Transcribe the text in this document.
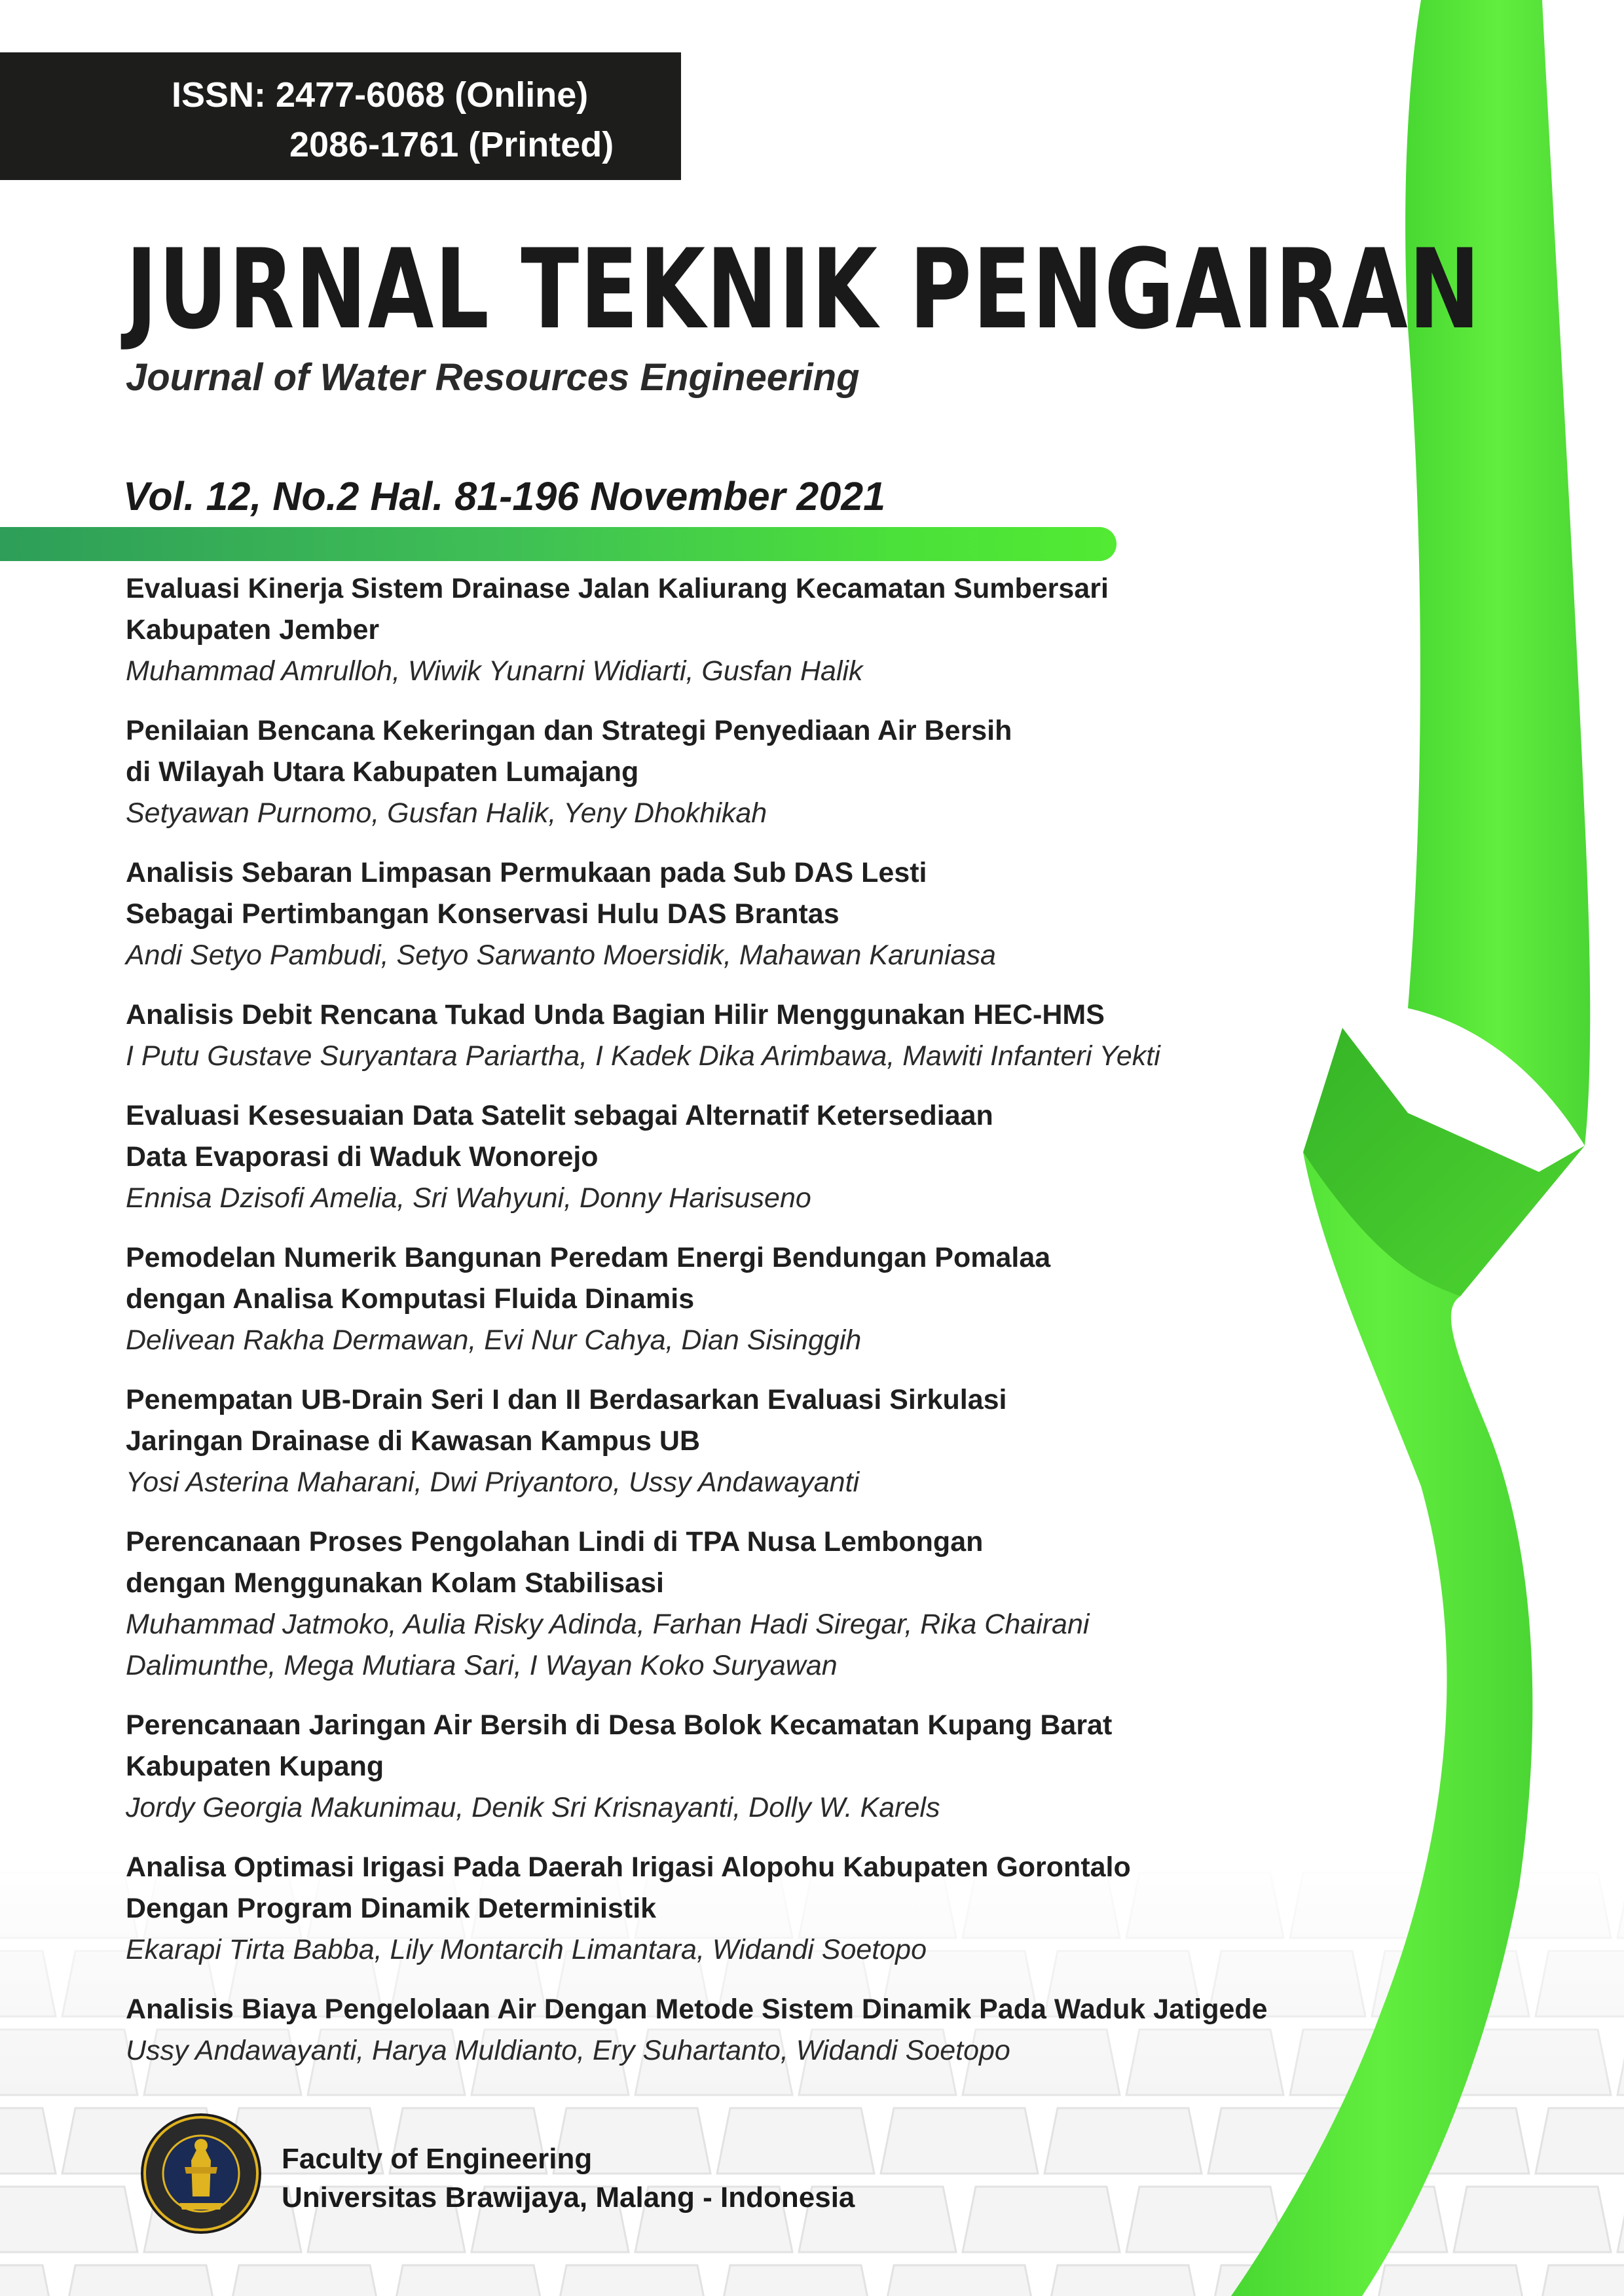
ISSN: 2477-6068 (Online)
2086-1761 (Printed)
JURNAL TEKNIK PENGAIRAN
Journal of Water Resources Engineering
Vol. 12, No.2 Hal. 81-196 November 2021
Evaluasi Kinerja Sistem Drainase Jalan Kaliurang Kecamatan Sumbersari
Kabupaten Jember
Muhammad Amrulloh, Wiwik Yunarni Widiarti, Gusfan Halik
Penilaian Bencana Kekeringan dan Strategi Penyediaan Air Bersih
di Wilayah Utara Kabupaten Lumajang
Setyawan Purnomo, Gusfan Halik, Yeny Dhokhikah
Analisis Sebaran Limpasan Permukaan pada Sub DAS Lesti
Sebagai Pertimbangan Konservasi Hulu DAS Brantas
Andi Setyo Pambudi, Setyo Sarwanto Moersidik, Mahawan Karuniasa
Analisis Debit Rencana Tukad Unda Bagian Hilir Menggunakan HEC-HMS
I Putu Gustave Suryantara Pariartha, I Kadek Dika Arimbawa, Mawiti Infanteri Yekti
Evaluasi Kesesuaian Data Satelit sebagai Alternatif Ketersediaan
Data Evaporasi di Waduk Wonorejo
Ennisa Dzisofi Amelia, Sri Wahyuni, Donny Harisuseno
Pemodelan Numerik Bangunan Peredam Energi Bendungan Pomalaa
dengan Analisa Komputasi Fluida Dinamis
Delivean Rakha Dermawan, Evi Nur Cahya, Dian Sisinggih
Penempatan UB-Drain Seri I dan II Berdasarkan Evaluasi Sirkulasi
Jaringan Drainase di Kawasan Kampus UB
Yosi Asterina Maharani, Dwi Priyantoro, Ussy Andawayanti
Perencanaan Proses Pengolahan Lindi di TPA Nusa Lembongan
dengan Menggunakan Kolam Stabilisasi
Muhammad Jatmoko, Aulia Risky Adinda, Farhan Hadi Siregar, Rika Chairani
Dalimunthe, Mega Mutiara Sari, I Wayan Koko Suryawan
Perencanaan Jaringan Air Bersih di Desa Bolok Kecamatan Kupang Barat
Kabupaten Kupang
Jordy Georgia Makunimau, Denik Sri Krisnayanti, Dolly W. Karels
Analisa Optimasi Irigasi Pada Daerah Irigasi Alopohu Kabupaten Gorontalo
Dengan Program Dinamik Deterministik
Ekarapi Tirta Babba, Lily Montarcih Limantara, Widandi Soetopo
Analisis Biaya Pengelolaan Air Dengan Metode Sistem Dinamik Pada Waduk Jatigede
Ussy Andawayanti, Harya Muldianto, Ery Suhartanto, Widandi Soetopo
Faculty of Engineering
Universitas Brawijaya, Malang - Indonesia
